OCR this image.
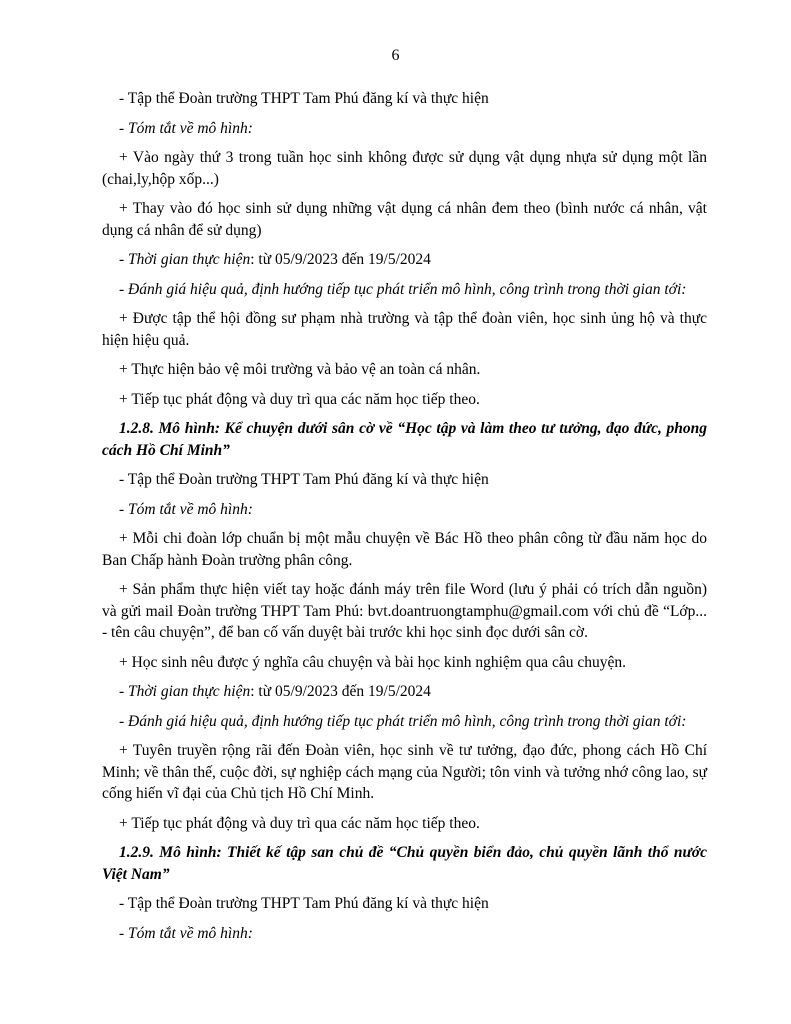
6

- Tập thể Đoàn trường THPT Tam Phú đăng kí và thực hiện

- Tóm tắt về mô hình:

+ Vào ngày thứ 3 trong tuần học sinh không được sử dụng vật dụng nhựa sử dụng một lần (chai,ly,hộp xốp...)

+ Thay vào đó học sinh sử dụng những vật dụng cá nhân đem theo (bình nước cá nhân, vật dụng cá nhân để sử dụng)

- Thời gian thực hiện: từ 05/9/2023 đến 19/5/2024

- Đánh giá hiệu quả, định hướng tiếp tục phát triển mô hình, công trình trong thời gian tới:

+ Được tập thể hội đồng sư phạm nhà trường và tập thể đoàn viên, học sinh ủng hộ và thực hiện hiệu quả.

+ Thực hiện bảo vệ môi trường và bảo vệ an toàn cá nhân.

+ Tiếp tục phát động và duy trì qua các năm học tiếp theo.

1.2.8. Mô hình: Kể chuyện dưới sân cờ về “Học tập và làm theo tư tưởng, đạo đức, phong cách Hồ Chí Minh”

- Tập thể Đoàn trường THPT Tam Phú đăng kí và thực hiện

- Tóm tắt về mô hình:

+ Mỗi chi đoàn lớp chuẩn bị một mẫu chuyện về Bác Hồ theo phân công từ đầu năm học do Ban Chấp hành Đoàn trường phân công.

+ Sản phẩm thực hiện viết tay hoặc đánh máy trên file Word (lưu ý phải có trích dẫn nguồn) và gửi mail Đoàn trường THPT Tam Phú: bvt.doantruongtamphu@gmail.com với chủ đề “Lớp... - tên câu chuyện”, để ban cố vấn duyệt bài trước khi học sinh đọc dưới sân cờ.

+ Học sinh nêu được ý nghĩa câu chuyện và bài học kinh nghiệm qua câu chuyện.

- Thời gian thực hiện: từ 05/9/2023 đến 19/5/2024

- Đánh giá hiệu quả, định hướng tiếp tục phát triển mô hình, công trình trong thời gian tới:

+ Tuyên truyền rộng rãi đến Đoàn viên, học sinh về tư tưởng, đạo đức, phong cách Hồ Chí Minh; về thân thế, cuộc đời, sự nghiệp cách mạng của Người; tôn vinh và tưởng nhớ công lao, sự cống hiến vĩ đại của Chủ tịch Hồ Chí Minh.

+ Tiếp tục phát động và duy trì qua các năm học tiếp theo.

1.2.9. Mô hình: Thiết kế tập san chủ đề “Chủ quyền biển đảo, chủ quyền lãnh thổ nước Việt Nam”

- Tập thể Đoàn trường THPT Tam Phú đăng kí và thực hiện

- Tóm tắt về mô hình:
